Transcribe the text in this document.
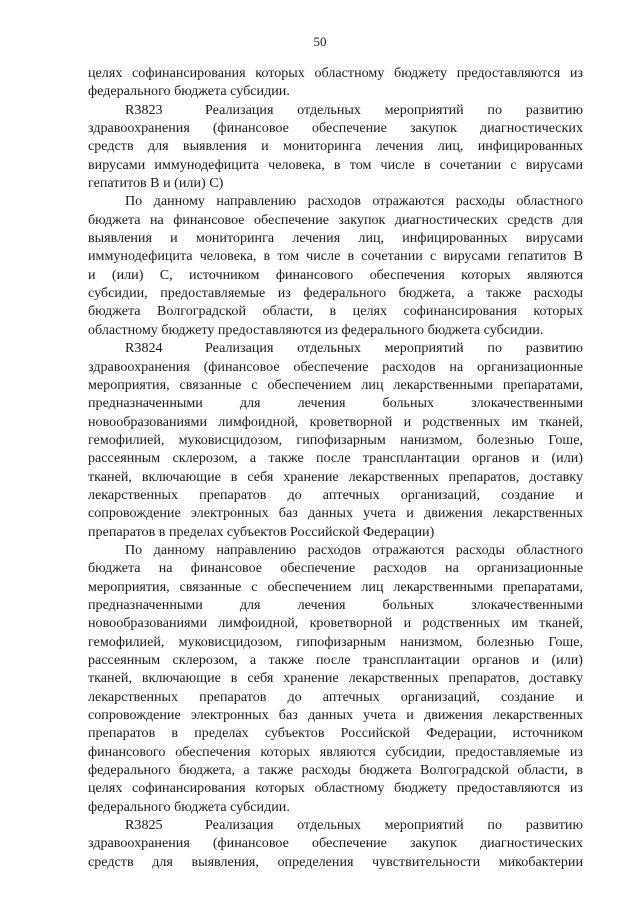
50

целях софинансирования которых областному бюджету предоставляются из
федерального бюджета субсидии.

R3823	Реализация отдельных мероприятий по развитию
здравоохранения (финансовое обеспечение закупок диагностических
средств для выявления и мониторинга лечения лиц, инфицированных
вирусами иммунодефицита человека, в том числе в сочетании с вирусами
гепатитов В и (или) С)

По данному направлению расходов отражаются расходы областного
бюджета на финансовое обеспечение закупок диагностических средств для
выявления и мониторинга лечения лиц, инфицированных вирусами
иммунодефицита человека, в том числе в сочетании с вирусами гепатитов В
и (или) С, источником финансового обеспечения которых являются
субсидии, предоставляемые из федерального бюджета, а также расходы
бюджета Волгоградской области, в целях софинансирования которых
областному бюджету предоставляются из федерального бюджета субсидии.

R3824	Реализация отдельных мероприятий по развитию
здравоохранения (финансовое обеспечение расходов на организационные
мероприятия, связанные с обеспечением лиц лекарственными препаратами,
предназначенными для лечения больных злокачественными
новообразованиями лимфоидной, кроветворной и родственных им тканей,
гемофилией, муковисцидозом, гипофизарным нанизмом, болезнью Гоше,
рассеянным склерозом, а также после трансплантации органов и (или)
тканей, включающие в себя хранение лекарственных препаратов, доставку
лекарственных препаратов до аптечных организаций, создание и
сопровождение электронных баз данных учета и движения лекарственных
препаратов в пределах субъектов Российской Федерации)

По данному направлению расходов отражаются расходы областного
бюджета на финансовое обеспечение расходов на организационные
мероприятия, связанные с обеспечением лиц лекарственными препаратами,
предназначенными для лечения больных злокачественными
новообразованиями лимфоидной, кроветворной и родственных им тканей,
гемофилией, муковисцидозом, гипофизарным нанизмом, болезнью Гоше,
рассеянным склерозом, а также после трансплантации органов и (или)
тканей, включающие в себя хранение лекарственных препаратов, доставку
лекарственных препаратов до аптечных организаций, создание и
сопровождение электронных баз данных учета и движения лекарственных
препаратов в пределах субъектов Российской Федерации, источником
финансового обеспечения которых являются субсидии, предоставляемые из
федерального бюджета, а также расходы бюджета Волгоградской области, в
целях софинансирования которых областному бюджету предоставляются из
федерального бюджета субсидии.

R3825	Реализация отдельных мероприятий по развитию
здравоохранения (финансовое обеспечение закупок диагностических
средств для выявления, определения чувствительности микобактерии
